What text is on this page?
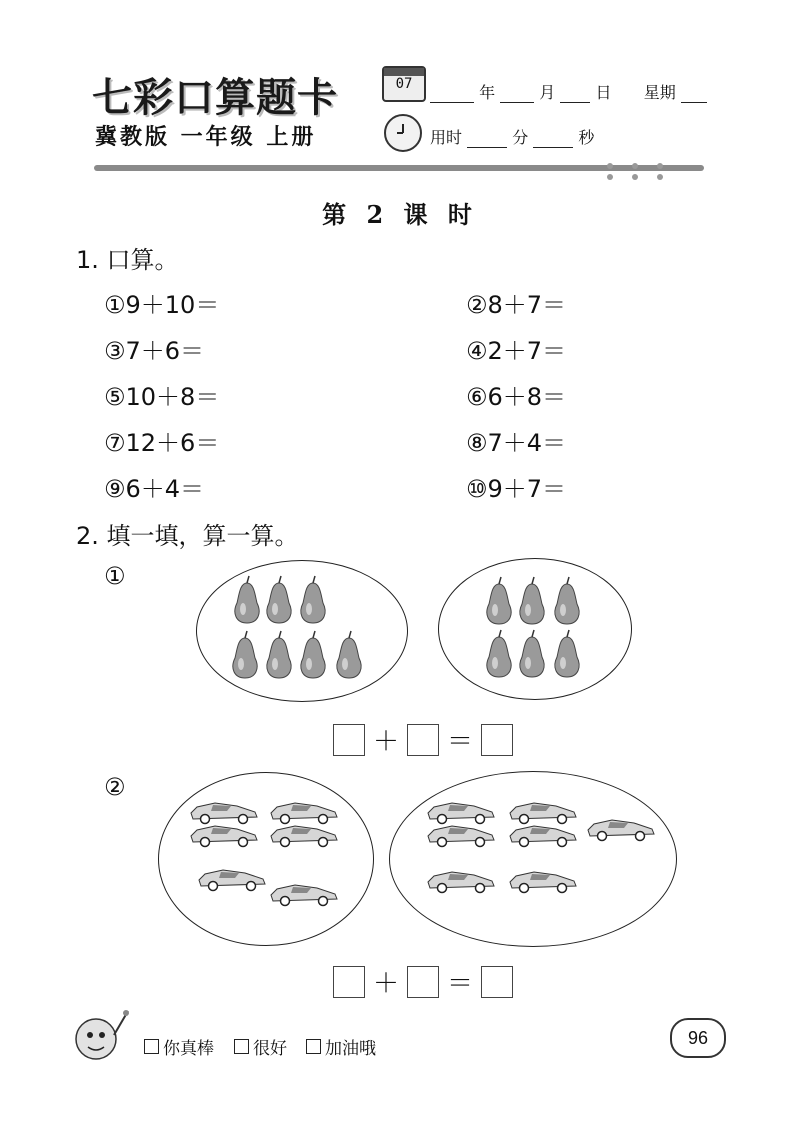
七彩口算题卡
冀教版 一年级 上册
07	年	月	日 星期
用时	分	秒
第 2 课 时
1. 口算。
①9＋10＝	②8＋7＝
③7＋6＝	④2＋7＝
⑤10＋8＝	⑥6＋8＝
⑦12＋6＝	⑧7＋4＝
⑨6＋4＝	⑩9＋7＝
2. 填一填，算一算。
①
＋ ＝
②
＋ ＝
你真棒 很好 加油哦
96
